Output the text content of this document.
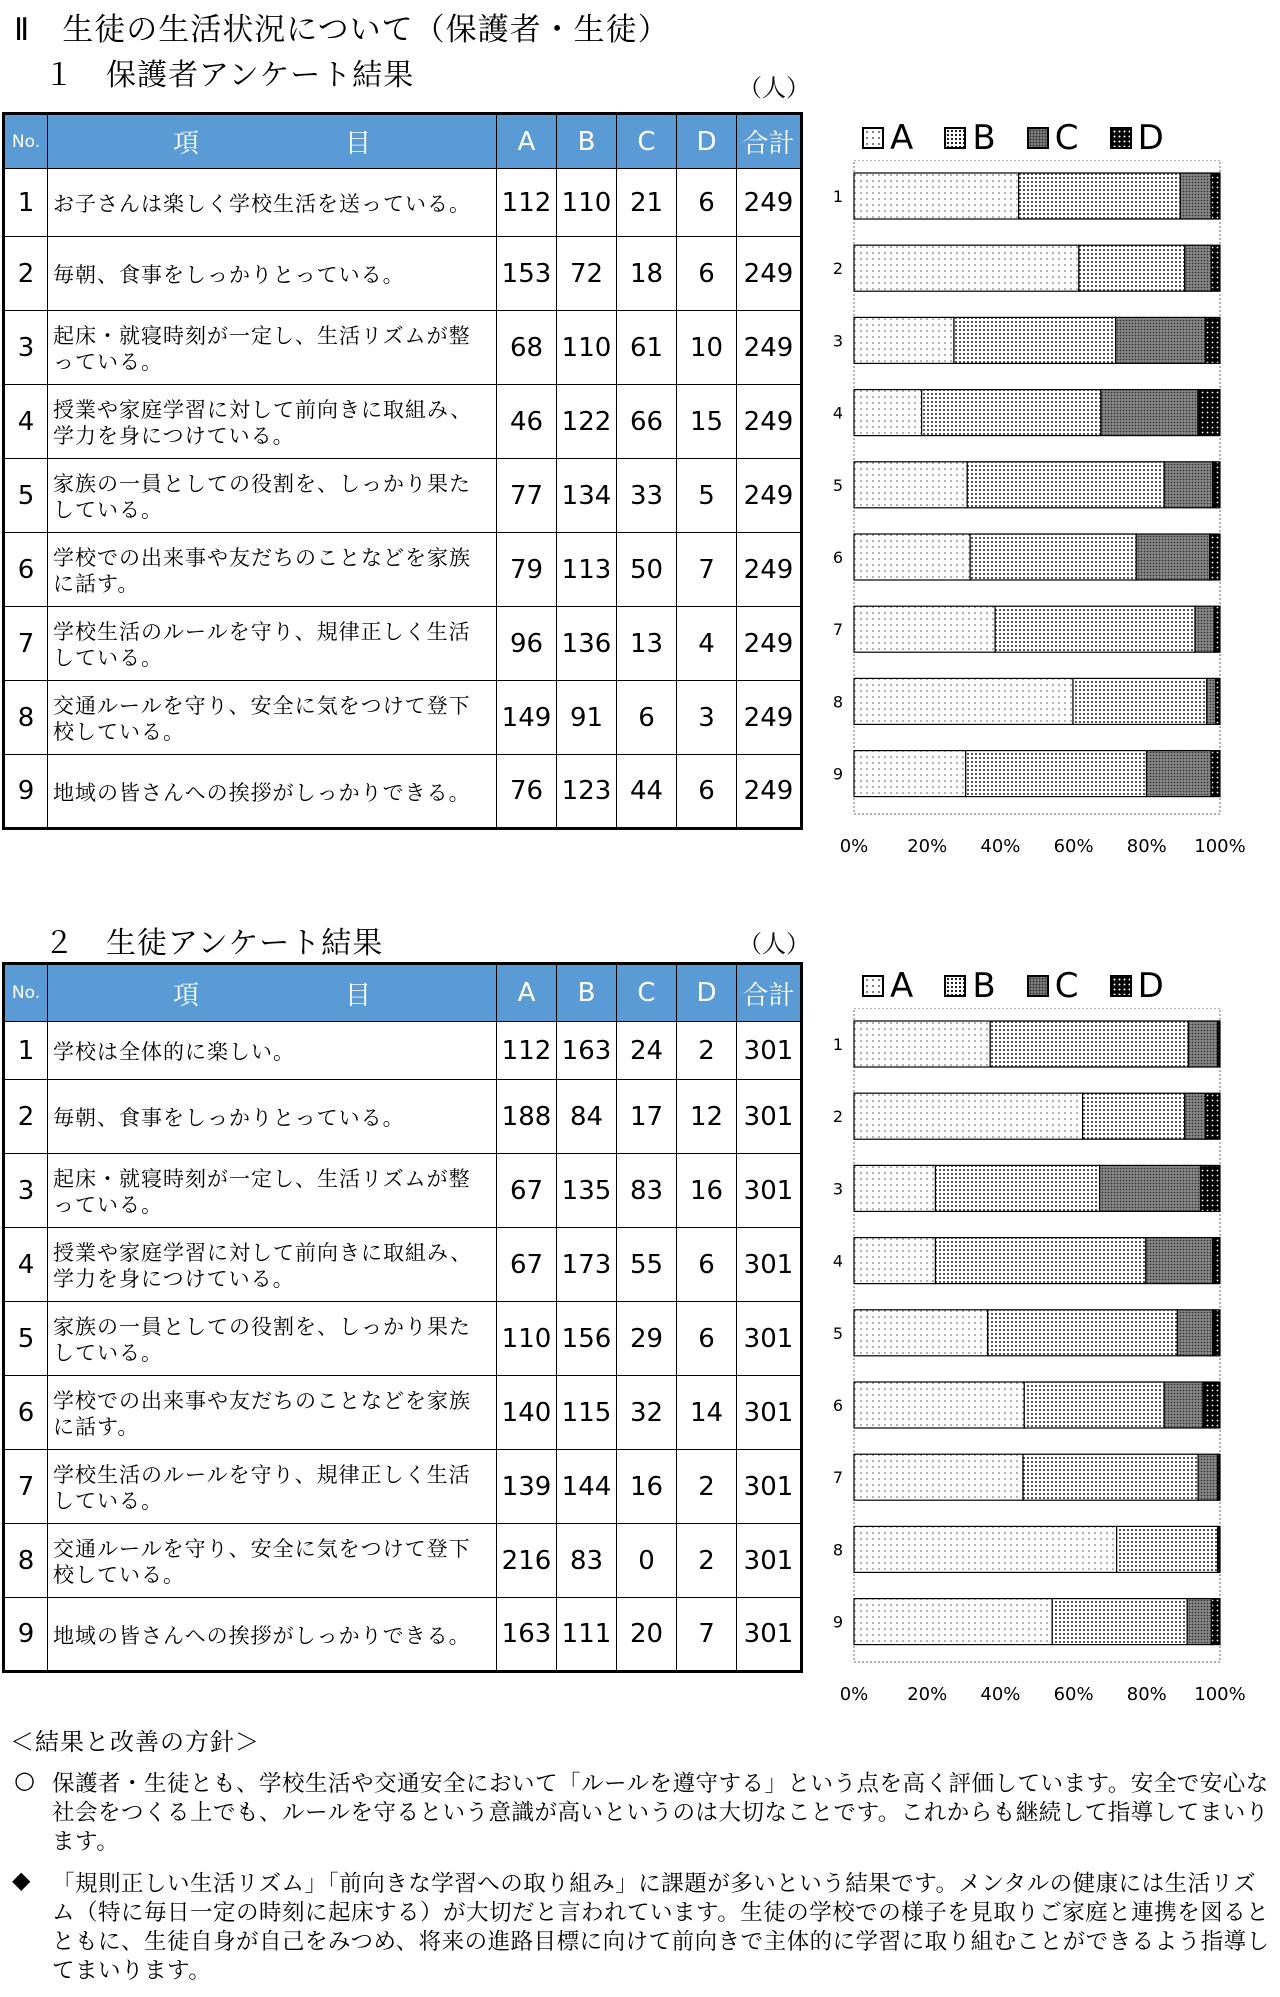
Ⅱ　生徒の生活状況について（保護者・生徒）
１　保護者アンケート結果	（人）
No.	項　目	A	B	C	D	合計
1	お子さんは楽しく学校生活を送っている。	112	110	21	6	249
2	毎朝、食事をしっかりとっている。	153	72	18	6	249
3	起床・就寝時刻が一定し、生活リズムが整っている。	68	110	61	10	249
4	授業や家庭学習に対して前向きに取組み、学力を身につけている。	46	122	66	15	249
5	家族の一員としての役割を、しっかり果たしている。	77	134	33	5	249
6	学校での出来事や友だちのことなどを家族に話す。	79	113	50	7	249
7	学校生活のルールを守り、規律正しく生活している。	96	136	13	4	249
8	交通ルールを守り、安全に気をつけて登下校している。	149	91	6	3	249
9	地域の皆さんへの挨拶がしっかりできる。	76	123	44	6	249
A
B
C
D
1
2
3
4
5
6
7
8
9
0% 20% 40% 60% 80% 100%
２　生徒アンケート結果	（人）
No.	項　目	A	B	C	D	合計
1	学校は全体的に楽しい。	112	163	24	2	301
2	毎朝、食事をしっかりとっている。	188	84	17	12	301
3	起床・就寝時刻が一定し、生活リズムが整っている。	67	135	83	16	301
4	授業や家庭学習に対して前向きに取組み、学力を身につけている。	67	173	55	6	301
5	家族の一員としての役割を、しっかり果たしている。	110	156	29	6	301
6	学校での出来事や友だちのことなどを家族に話す。	140	115	32	14	301
7	学校生活のルールを守り、規律正しく生活している。	139	144	16	2	301
8	交通ルールを守り、安全に気をつけて登下校している。	216	83	0	2	301
9	地域の皆さんへの挨拶がしっかりできる。	163	111	20	7	301
A
B
C
D
1
2
3
4
5
6
7
8
9
0% 20% 40% 60% 80% 100%
＜結果と改善の方針＞
○ 保護者・生徒とも、学校生活や交通安全において「ルールを遵守する」という点を高く評価しています。安全で安心な社会をつくる上でも、ルールを守るという意識が高いというのは大切なことです。これからも継続して指導してまいります。
◆ 「規則正しい生活リズム」「前向きな学習への取り組み」に課題が多いという結果です。メンタルの健康には生活リズム（特に毎日一定の時刻に起床する）が大切だと言われています。生徒の学校での様子を見取りご家庭と連携を図るとともに、生徒自身が自己をみつめ、将来の進路目標に向けて前向きで主体的に学習に取り組むことができるよう指導してまいります。
